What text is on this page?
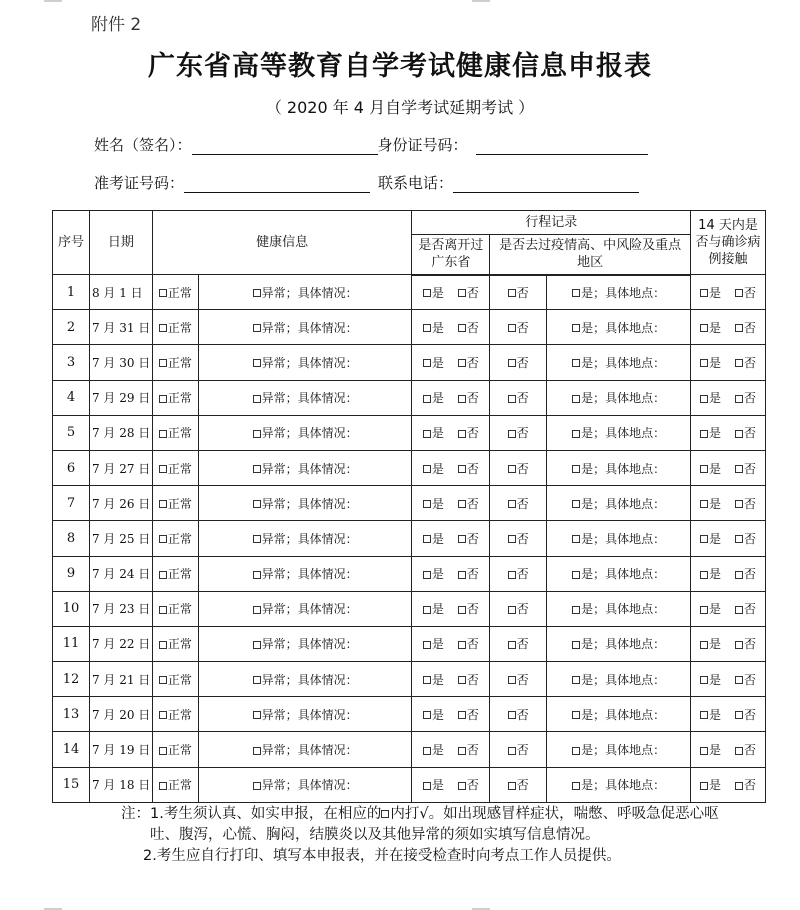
附件 2
广东省高等教育自学考试健康信息申报表
（ 2020 年 4 月自学考试延期考试 ）
姓名（签名）：	身份证号码：
准考证号码：	联系电话：
序号	日期	健康信息		行程记录			14 天内是否与确诊病例接触
				是否离开过广东省	是否去过疫情高、中风险及重点地区		
1	8 月 1 日	正常	异常；具体情况：	是 否	否	是；具体地点：	是 否
2	7 月 31 日	正常	异常；具体情况：	是 否	否	是；具体地点：	是 否
3	7 月 30 日	正常	异常；具体情况：	是 否	否	是；具体地点：	是 否
4	7 月 29 日	正常	异常；具体情况：	是 否	否	是；具体地点：	是 否
5	7 月 28 日	正常	异常；具体情况：	是 否	否	是；具体地点：	是 否
6	7 月 27 日	正常	异常；具体情况：	是 否	否	是；具体地点：	是 否
7	7 月 26 日	正常	异常；具体情况：	是 否	否	是；具体地点：	是 否
8	7 月 25 日	正常	异常；具体情况：	是 否	否	是；具体地点：	是 否
9	7 月 24 日	正常	异常；具体情况：	是 否	否	是；具体地点：	是 否
10	7 月 23 日	正常	异常；具体情况：	是 否	否	是；具体地点：	是 否
11	7 月 22 日	正常	异常；具体情况：	是 否	否	是；具体地点：	是 否
12	7 月 21 日	正常	异常；具体情况：	是 否	否	是；具体地点：	是 否
13	7 月 20 日	正常	异常；具体情况：	是 否	否	是；具体地点：	是 否
14	7 月 19 日	正常	异常；具体情况：	是 否	否	是；具体地点：	是 否
15	7 月 18 日	正常	异常；具体情况：	是 否	否	是；具体地点：	是 否
注： 1.考生须认真、如实申报，在相应的 内打√。如出现感冒样症状，喘憋、呼吸急促恶心呕吐、腹泻，心慌、胸闷，结膜炎以及其他异常的须如实填写信息情况。
2.考生应自行打印、填写本申报表，并在接受检查时向考点工作人员提供。
